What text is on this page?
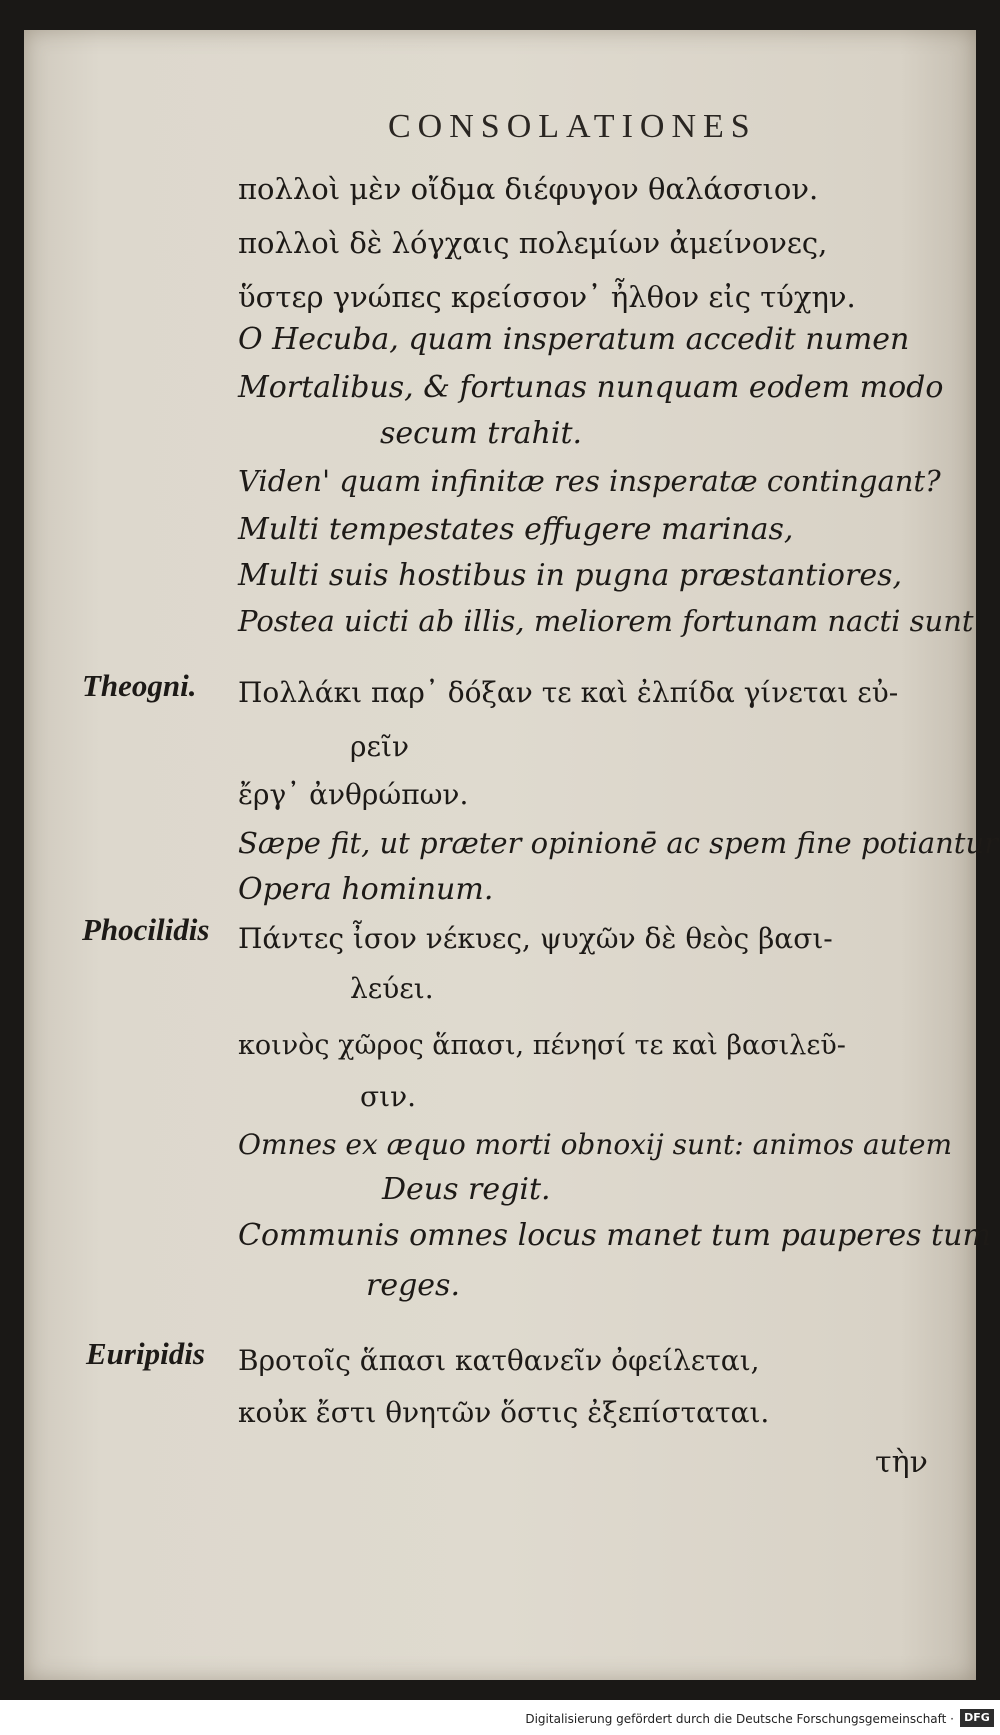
CONSOLATIONES
πολλοὶ μὲν οἴδμα διέφυγον θαλάσσιον.
πολλοὶ δὲ λόγχαις πολεμίων ἀμείνονες,
ὕστερ γνώπες κρείσσον᾽ ἦλθον εἰς τύχην.
O Hecuba, quam insperatum accedit numen
Mortalibus, & fortunas nunquam eodem modo
secum trahit.
Viden' quam infinitæ res insperatæ contingant?
Multi tempestates effugere marinas,
Multi suis hostibus in pugna præstantiores,
Postea uicti ab illis, meliorem fortunam nacti sunt
Theogni. Πολλάκι παρ᾽ δόξαν τε καὶ ἐλπίδα γίνεται εὐ-
ρεῖν
ἔργ᾽ ἀνθρώπων.
Sæpe fit, ut præter opinionē ac spem fine potiantur
Opera hominum.
Phocilidis Πάντες ἶσον νέκυες, ψυχῶν δὲ θεὸς βασι-
λεύει.
κοινὸς χῶρος ἅπασι, πένησί τε καὶ βασιλεῦ-
σιν.
Omnes ex æquo morti obnoxij sunt: animos autem
Deus regit.
Communis omnes locus manet tum pauperes tum
reges.
Euripidis Βροτοῖς ἅπασι κατθανεῖν ὀφείλεται,
κοὐκ ἔστι θνητῶν ὅστις ἐξεπίσταται.
τὴν
Digitalisierung gefördert durch die Deutsche Forschungsgemeinschaft · DFG
